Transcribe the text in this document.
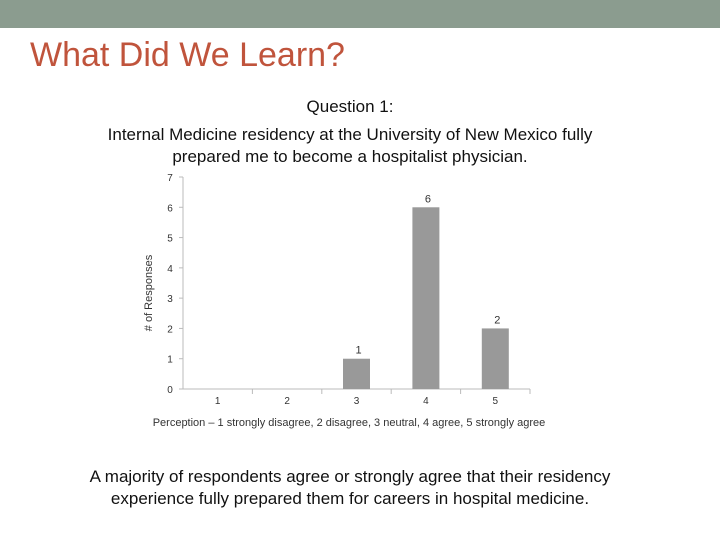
What Did We Learn?
Question 1:
Internal Medicine residency at the University of New Mexico fully
prepared me to become a hospitalist physician.
0
1
2
3
4
5
6
7
# of Responses
1	2
1
3
6
4
2
5
Perception – 1 strongly disagree, 2 disagree, 3 neutral, 4 agree, 5 strongly agree
A majority of respondents agree or strongly agree that their residency
experience fully prepared them for careers in hospital medicine.
